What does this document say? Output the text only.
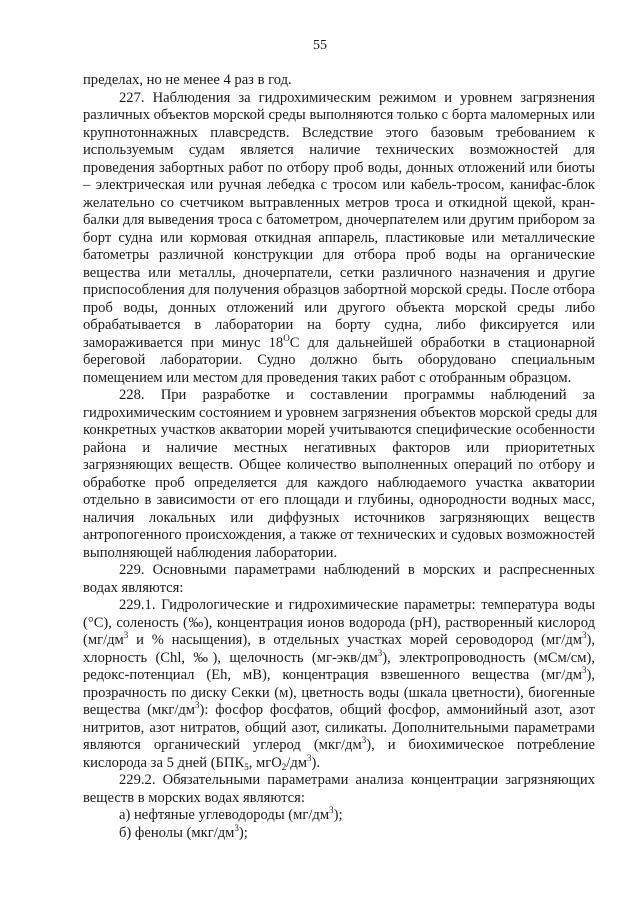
55
пределах, но не менее 4 раз в год.
227. Наблюдения за гидрохимическим режимом и уровнем загрязнения
различных объектов морской среды выполняются только с борта маломерных или
крупнотоннажных плавсредств. Вследствие этого базовым требованием к
используемым судам является наличие технических возможностей для
проведения забортных работ по отбору проб воды, донных отложений или биоты
– электрическая или ручная лебедка с тросом или кабель-тросом, канифас-блок
желательно со счетчиком вытравленных метров троса и откидной щекой, кран-
балки для выведения троса с батометром, дночерпателем или другим прибором за
борт судна или кормовая откидная аппарель, пластиковые или металлические
батометры различной конструкции для отбора проб воды на органические
вещества или металлы, дночерпатели, сетки различного назначения и другие
приспособления для получения образцов забортной морской среды. После отбора
проб воды, донных отложений или другого объекта морской среды либо
обрабатывается в лаборатории на борту судна, либо фиксируется или
замораживается при минус $18^ОС$ для дальнейшей обработки в стационарной
береговой лаборатории. Судно должно быть оборудовано специальным
помещением или местом для проведения таких работ с отобранным образцом.
228. При разработке и составлении программы наблюдений за
гидрохимическим состоянием и уровнем загрязнения объектов морской среды для
конкретных участков акватории морей учитываются специфические особенности
района и наличие местных негативных факторов или приоритетных
загрязняющих веществ. Общее количество выполненных операций по отбору и
обработке проб определяется для каждого наблюдаемого участка акватории
отдельно в зависимости от его площади и глубины, однородности водных масс,
наличия локальных или диффузных источников загрязняющих веществ
антропогенного происхождения, а также от технических и судовых возможностей
выполняющей наблюдения лаборатории.
229. Основными параметрами наблюдений в морских и распресненных
водах являются:
229.1. Гидрологические и гидрохимические параметры: температура воды
(°С), соленость (‰), концентрация ионов водорода (pH), растворенный кислород
($мг/дм^3$ и % насыщения), в отдельных участках морей сероводород $(мг/дм^3)$,
хлорность (Chl, ‰), щелочность $(мг-экв/дм^3)$, электропроводность (мСм/см),
редокс-потенциал (Eh, мВ), концентрация взвешенного вещества $(мг/дм^3)$,
прозрачность по диску Секки (м), цветность воды (шкала цветности), биогенные
вещества $(мкг/дм^3)$: фосфор фосфатов, общий фосфор, аммонийный азот, азот
нитритов, азот нитратов, общий азот, силикаты. Дополнительными параметрами
являются органический углерод $(мкг/дм^3)$, и биохимическое потребление
кислорода за 5 дней ($БПК_5$, $мгО_2/дм^3$).
229.2. Обязательными параметрами анализа концентрации загрязняющих
веществ в морских водах являются:
а) нефтяные углеводороды $(мг/дм^3)$;
б) фенолы $(мкг/дм^3)$;
